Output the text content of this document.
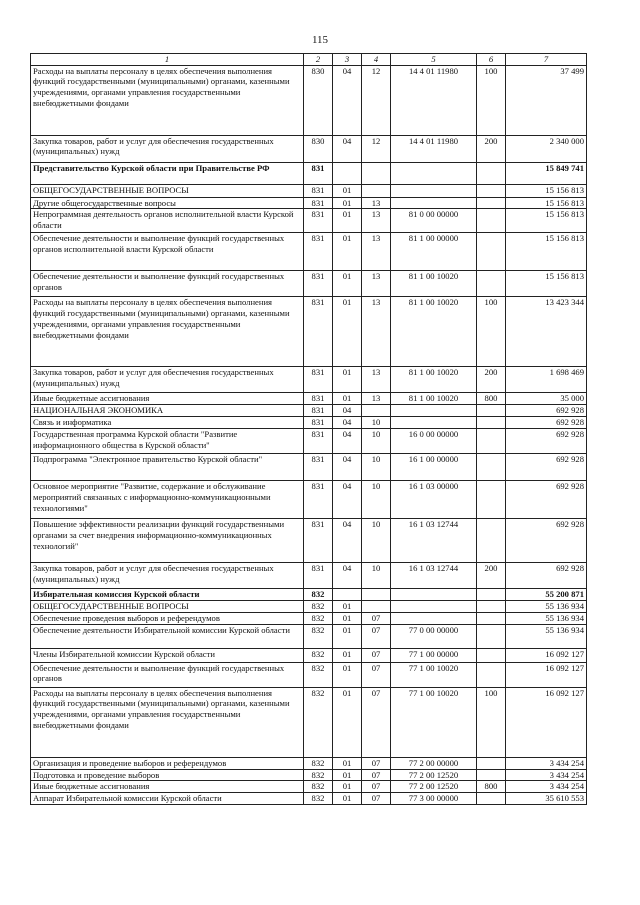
115
1	2	3	4	5	6	7
Расходы на выплаты персоналу в целях обеспечения выполнения функций государственными (муниципальными) органами, казенными учреждениями, органами управления государственными внебюджетными фондами	830	04	12	14 4 01 11980	100	37 499
Закупка товаров, работ и услуг для обеспечения государственных (муниципальных) нужд	830	04	12	14 4 01 11980	200	2 340 000
Представительство Курской области при Правительстве РФ	831					15 849 741
ОБЩЕГОСУДАРСТВЕННЫЕ ВОПРОСЫ	831	01				15 156 813
Другие общегосударственные вопросы	831	01	13			15 156 813
Непрограммная деятельность органов исполнительной власти Курской области	831	01	13	81 0 00 00000		15 156 813
Обеспечение деятельности и выполнение функций государственных органов исполнительной власти Курской области	831	01	13	81 1 00 00000		15 156 813
Обеспечение деятельности и выполнение функций государственных органов	831	01	13	81 1 00 10020		15 156 813
Расходы на выплаты персоналу в целях обеспечения выполнения функций государственными (муниципальными) органами, казенными учреждениями, органами управления государственными внебюджетными фондами	831	01	13	81 1 00 10020	100	13 423 344
Закупка товаров, работ и услуг для обеспечения государственных (муниципальных) нужд	831	01	13	81 1 00 10020	200	1 698 469
Иные бюджетные ассигнования	831	01	13	81 1 00 10020	800	35 000
НАЦИОНАЛЬНАЯ ЭКОНОМИКА	831	04				692 928
Связь и информатика	831	04	10			692 928
Государственная программа Курской области "Развитие информационного общества в Курской области"	831	04	10	16 0 00 00000		692 928
Подпрограмма "Электронное правительство Курской области"	831	04	10	16 1 00 00000		692 928
Основное мероприятие "Развитие, содержание и обслуживание мероприятий связанных с информационно-коммуникационными технологиями"	831	04	10	16 1 03 00000		692 928
Повышение эффективности реализации функций государственными органами за счет внедрения информационно-коммуникационных технологий"	831	04	10	16 1 03 12744		692 928
Закупка товаров, работ и услуг для обеспечения государственных (муниципальных) нужд	831	04	10	16 1 03 12744	200	692 928
Избирательная комиссия Курской области	832					55 200 871
ОБЩЕГОСУДАРСТВЕННЫЕ ВОПРОСЫ	832	01				55 136 934
Обеспечение проведения выборов и референдумов	832	01	07			55 136 934
Обеспечение деятельности Избирательной комиссии Курской области	832	01	07	77 0 00 00000		55 136 934
Члены Избирательной комиссии Курской области	832	01	07	77 1 00 00000		16 092 127
Обеспечение деятельности и выполнение функций государственных органов	832	01	07	77 1 00 10020		16 092 127
Расходы на выплаты персоналу в целях обеспечения выполнения функций государственными (муниципальными) органами, казенными учреждениями, органами управления государственными внебюджетными фондами	832	01	07	77 1 00 10020	100	16 092 127
Организация и проведение выборов и референдумов	832	01	07	77 2 00 00000		3 434 254
Подготовка и проведение выборов	832	01	07	77 2 00 12520		3 434 254
Иные бюджетные ассигнования	832	01	07	77 2 00 12520	800	3 434 254
Аппарат Избирательной комиссии Курской области	832	01	07	77 3 00 00000		35 610 553
